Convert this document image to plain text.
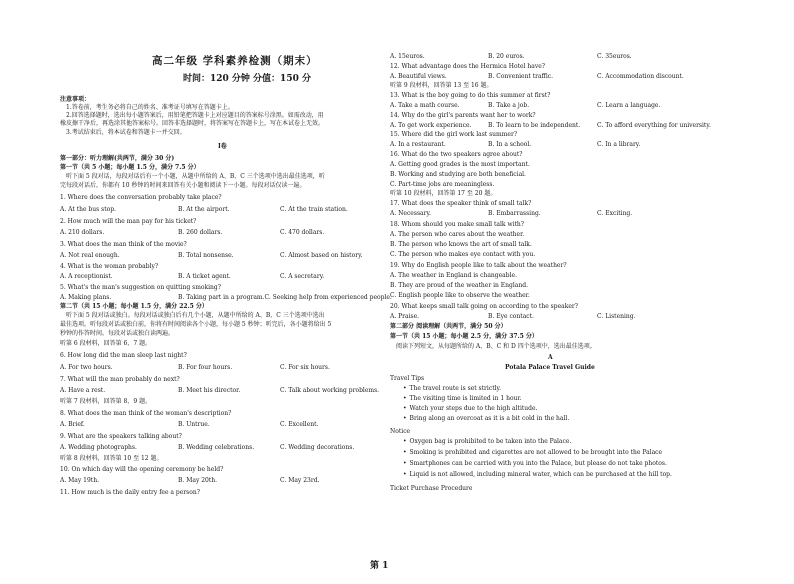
高二年级 学科素养检测（期末）
时间：120 分钟 分值：150 分
注意事项：
1.答卷前，考生务必将自己的姓名、准考证号填写在答题卡上。
2.回答选择题时，选出每小题答案后，用铅笔把答题卡上对应题目的答案标号涂黑。如需改动，用
橡皮擦干净后，再选涂其他答案标号。回答非选择题时，将答案写在答题卡上，写在本试卷上无效。
3.考试结束后，将本试卷和答题卡一并交回。
I卷
第一部分：听力理解(共两节，满分 30 分)
第一节（共 5 小题；每小题 1.5 分，满分 7.5 分）
听下面 5 段对话，每段对话后有一个小题，从题中所给的 A、B、C 三个选项中选出最佳选项，听
完每段对话后，你都有 10 秒钟的时间来回答有关小题和阅读下一小题。每段对话仅读一遍。
1. Where does the conversation probably take place?
A. At the bus stop.	B. At the airport.	C. At the train station.
2. How much will the man pay for his ticket?
A. 210 dollars.	B. 260 dollars.	C. 470 dollars.
3. What does the man think of the movie?
A. Not real enough.	B. Total nonsense.	C. Almost based on history.
4. What is the woman probably?
A. A receptionist.	B. A ticket agent.	C. A secretary.
5. What's the man's suggestion on quitting smoking?
A. Making plans.	B. Taking part in a program.C. Seeking help from experienced people.
第二节（共 15 小题；每小题 1.5 分，满分 22.5 分）
听下面 5 段对话或独白。每段对话或独白后有几个小题，从题中所给的 A、B、C 三个选项中选出
最佳选项。听每段对话或独白前，你将有时间阅读各个小题，每小题 5 秒钟；听完后，各小题将给出 5
秒钟的作答时间。每段对话或独白读两遍。
听第 6 段材料，回答第 6、7 题。
6. How long did the man sleep last night?
A. For two hours.	B. For four hours.	C. For six hours.
7. What will the man probably do next?
A. Have a rest.	B. Meet his director.	C. Talk about working problems.
听第 7 段材料，回答第 8、9 题。
8. What does the man think of the woman's description?
A. Brief.	B. Untrue.	C. Excellent.
9. What are the speakers talking about?
A. Wedding photographs.	B. Wedding celebrations.	C. Wedding decorations.
听第 8 段材料，回答第 10 至 12 题。
10. On which day will the opening ceremony be held?
A. May 19th.	B. May 20th.	C. May 23rd.
11. How much is the daily entry fee a person?
A. 15euros.	B. 20 euros.	C. 35euros.
12. What advantage does the Hermica Hotel have?
A. Beautiful views.	B. Convenient traffic.	C. Accommodation discount.
听第 9 段材料，回答第 13 至 16 题。
13. What is the boy going to do this summer at first?
A. Take a math course.	B. Take a job.	C. Learn a language.
14. Why do the girl's parents want her to work?
A. To get work experience.	B. To learn to be independent.	C. To afford everything for university.
15. Where did the girl work last summer?
A. In a restaurant.	B. In a school.	C. In a library.
16. What do the two speakers agree about?
A. Getting good grades is the most important.
B. Working and studying are both beneficial.
C. Part-time jobs are meaningless.
听第 10 段材料，回答第 17 至 20 题。
17. What does the speaker think of small talk?
A. Necessary.	B. Embarrassing.	C. Exciting.
18. Whom should you make small talk with?
A. The person who cares about the weather.
B. The person who knows the art of small talk.
C. The person who makes eye contact with you.
19. Why do English people like to talk about the weather?
A. The weather in England is changeable.
B. They are proud of the weather in England.
C. English people like to observe the weather.
20. What keeps small talk going on according to the speaker?
A. Praise.	B. Eye contact.	C. Listening.
第二部分 阅读理解（共两节，满分 50 分）
第一节（共 15 小题；每小题 2.5 分，满分 37.5 分）
阅读下列短文，从每题所给的 A、B、C 和 D 四个选项中，选出最佳选项。
A
Potala Palace Travel Guide
Travel Tips
• The travel route is set strictly.
• The visiting time is limited in 1 hour.
• Watch your steps due to the high altitude.
• Bring along an overcoat as it is a bit cold in the hall.
Notice
• Oxygen bag is prohibited to be taken into the Palace.
• Smoking is prohibited and cigarettes are not allowed to be brought into the Palace
• Smartphones can be carried with you into the Palace, but please do not take photos.
• Liquid is not allowed, including mineral water, which can be purchased at the hill top.
Ticket Purchase Procedure
第 1
